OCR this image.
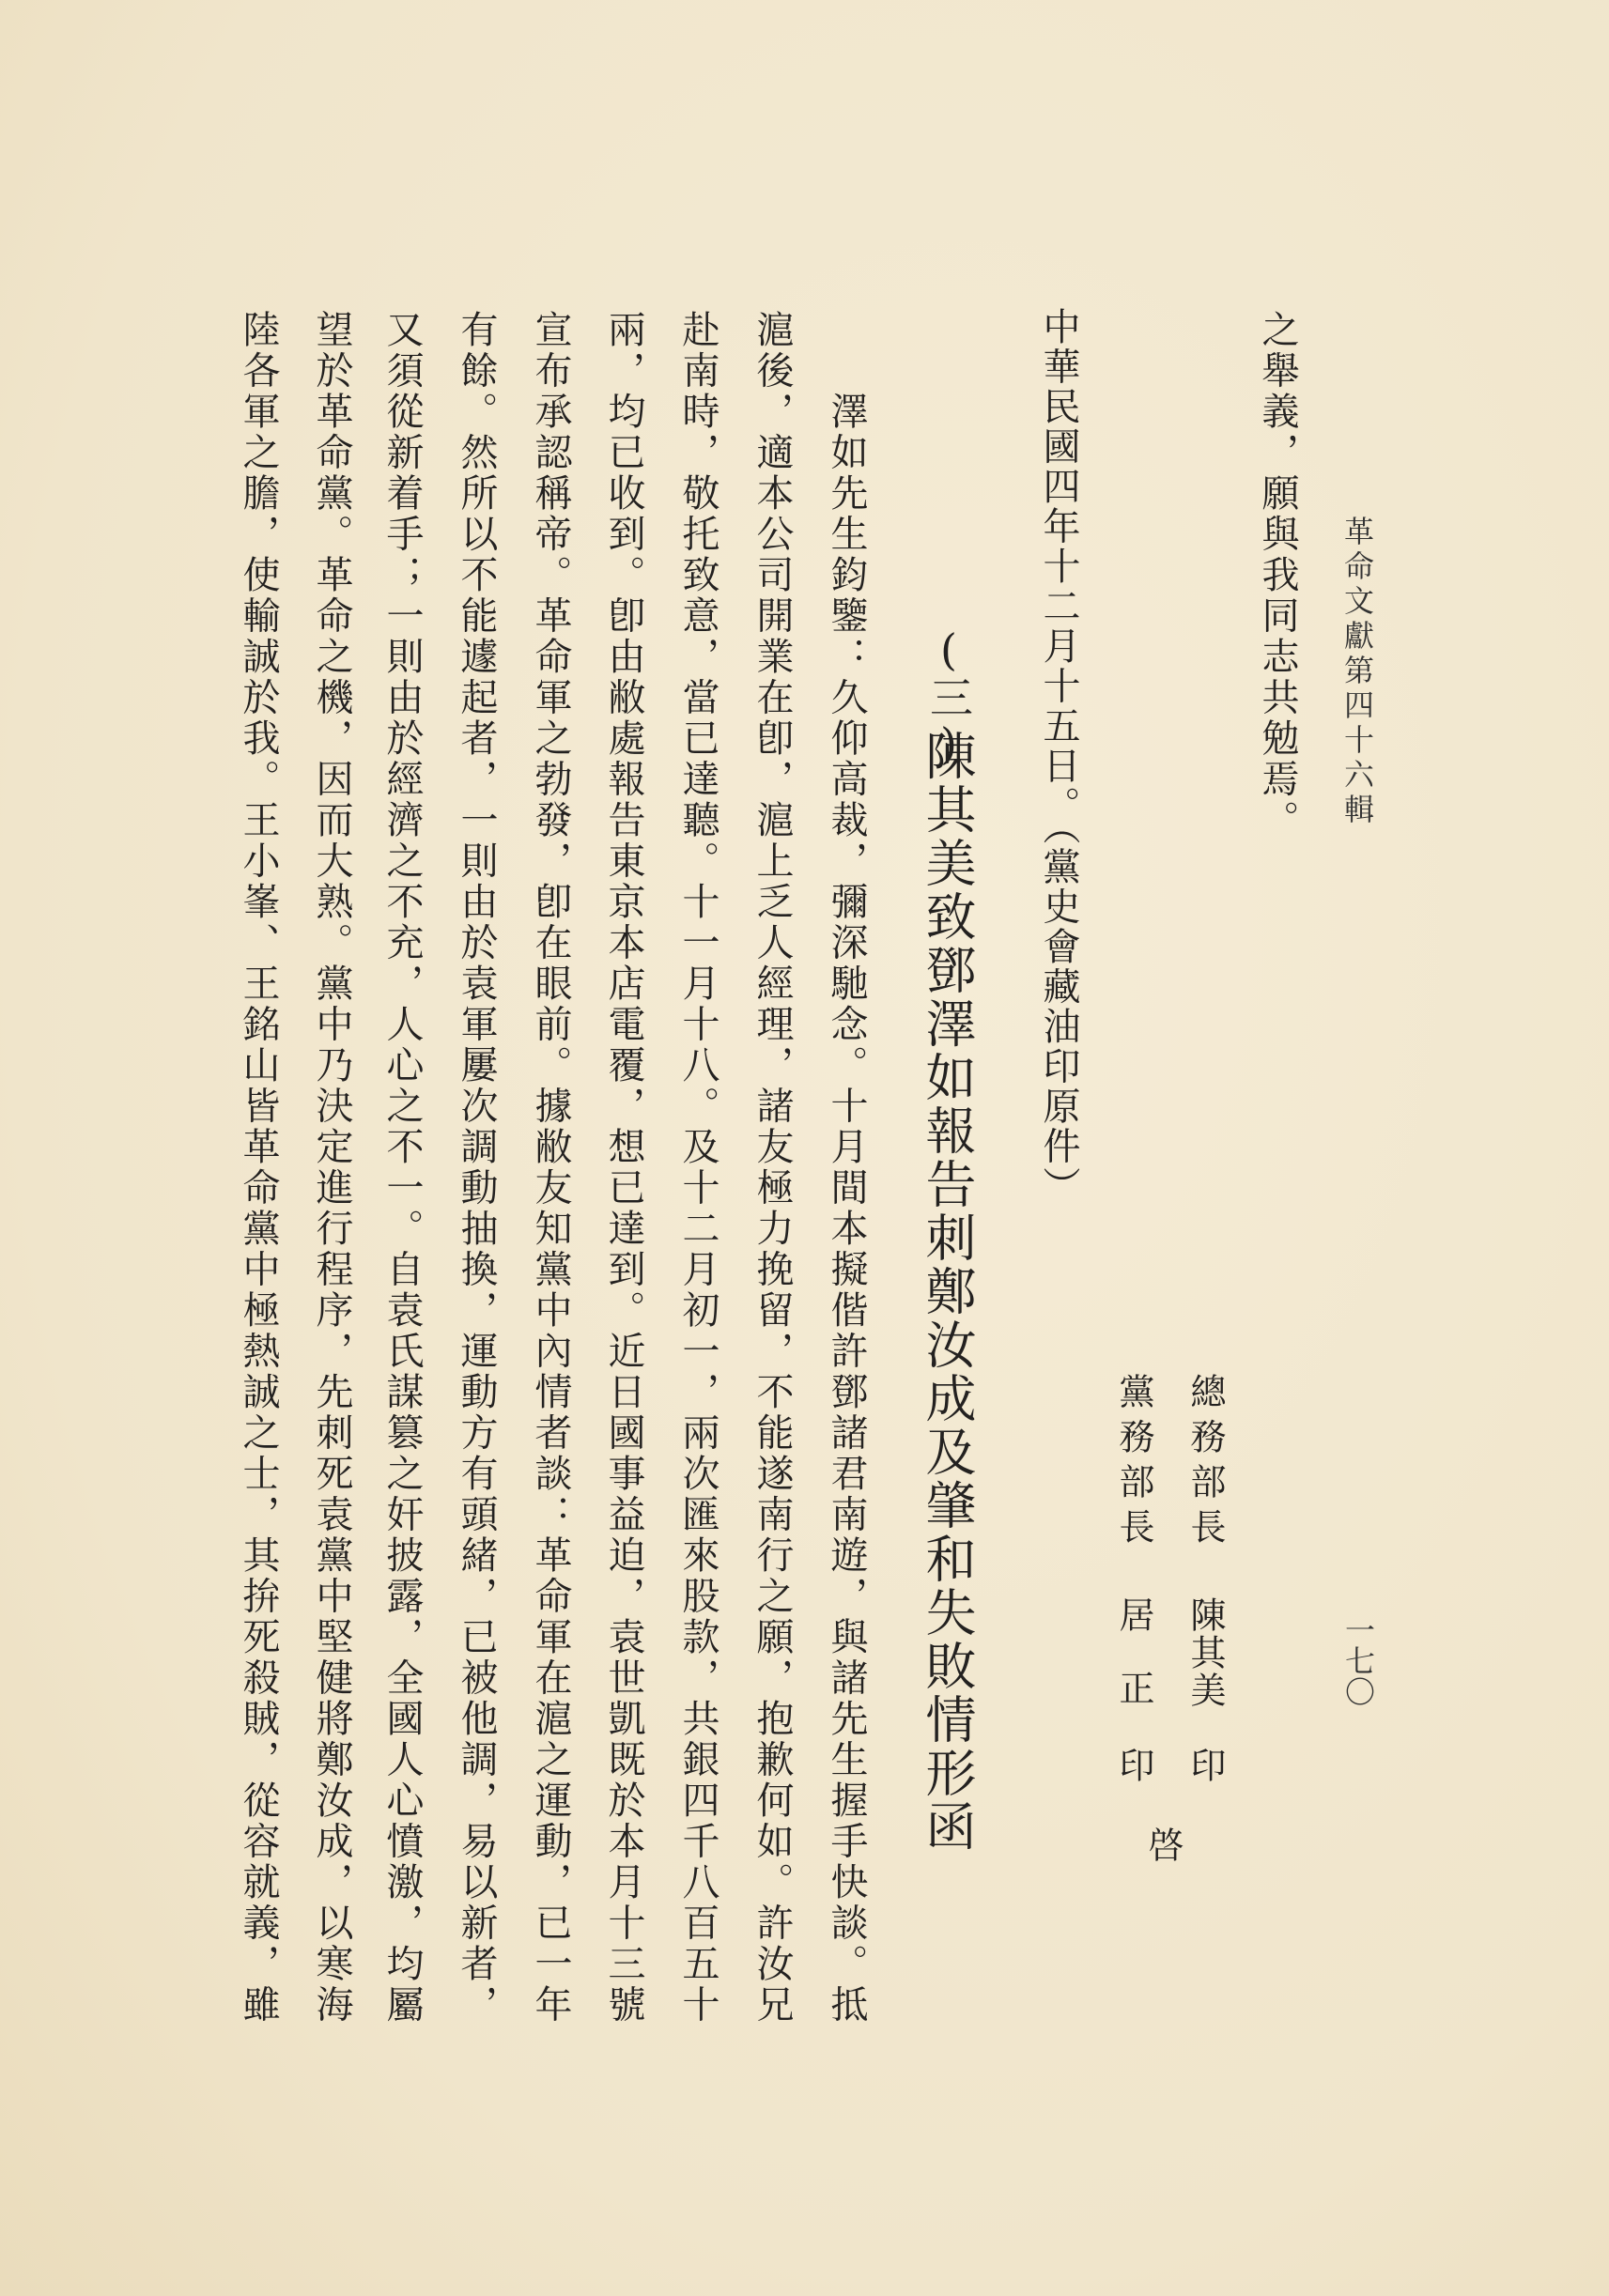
革命文獻第四十六輯
一七〇
之舉義，願與我同志共勉焉。
總務部長
陳其美
印
黨務部長
居正
印
啓
中華民國四年十二月十五日。（黨史會藏油印原件）
(三)
陳其美致鄧澤如報告刺鄭汝成及肇和失敗情形函
澤如先生鈞鑒：久仰高裁，彌深馳念。十月間本擬偕許鄧諸君南遊，與諸先生握手快談。抵
滬後，適本公司開業在卽，滬上乏人經理，諸友極力挽留，不能遂南行之願，抱歉何如。許汝兄
赴南時，敬托致意，當已達聽。十一月十八。及十二月初一，兩次匯來股款，共銀四千八百五十
兩，均已收到。卽由敝處報告東京本店電覆，想已達到。近日國事益迫，袁世凱既於本月十三號
宣布承認稱帝。革命軍之勃發，卽在眼前。據敝友知黨中內情者談：革命軍在滬之運動，已一年
有餘。然所以不能遽起者，一則由於袁軍屢次調動抽換，運動方有頭緒，已被他調，易以新者，
又須從新着手；一則由於經濟之不充，人心之不一。自袁氏謀篡之奸披露，全國人心憤激，均屬
望於革命黨。革命之機，因而大熟。黨中乃決定進行程序，先刺死袁黨中堅健將鄭汝成，以寒海
陸各軍之膽，使輸誠於我。王小峯、王銘山皆革命黨中極熱誠之士，其拚死殺賊，從容就義，雖
